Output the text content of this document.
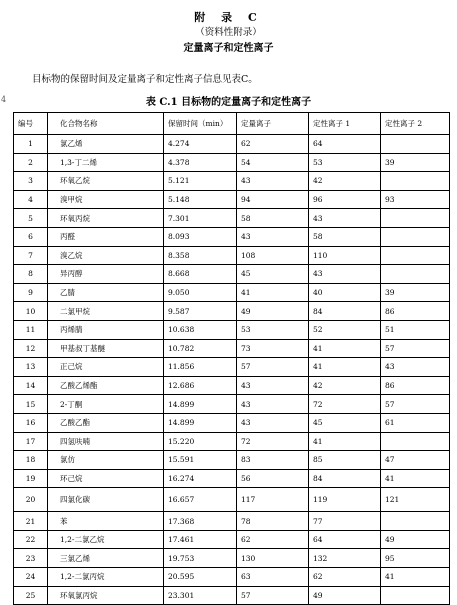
附 录 C
（资料性附录）
定量离子和定性离子
目标物的保留时间及定量离子和定性离子信息见表C。
4	表 C.1 目标物的定量离子和定性离子
编号	化合物名称	保留时间（min）	定量离子	定性离子 1	定性离子 2
1	氯乙烯	4.274	62	64	
2	1,3-丁二烯	4.378	54	53	39
3	环氧乙烷	5.121	43	42	
4	溴甲烷	5.148	94	96	93
5	环氧丙烷	7.301	58	43	
6	丙醛	8.093	43	58	
7	溴乙烷	8.358	108	110	
8	异丙醇	8.668	45	43	
9	乙腈	9.050	41	40	39
10	二氯甲烷	9.587	49	84	86
11	丙烯腈	10.638	53	52	51
12	甲基叔丁基醚	10.782	73	41	57
13	正己烷	11.856	57	41	43
14	乙酸乙烯酯	12.686	43	42	86
15	2-丁酮	14.899	43	72	57
16	乙酸乙酯	14.899	43	45	61
17	四氢呋喃	15.220	72	41	
18	氯仿	15.591	83	85	47
19	环己烷	16.274	56	84	41
20	四氯化碳	16.657	117	119	121
21	苯	17.368	78	77	
22	1,2-二氯乙烷	17.461	62	64	49
23	三氯乙烯	19.753	130	132	95
24	1,2-二氯丙烷	20.595	63	62	41
25	环氧氯丙烷	23.301	57	49	
